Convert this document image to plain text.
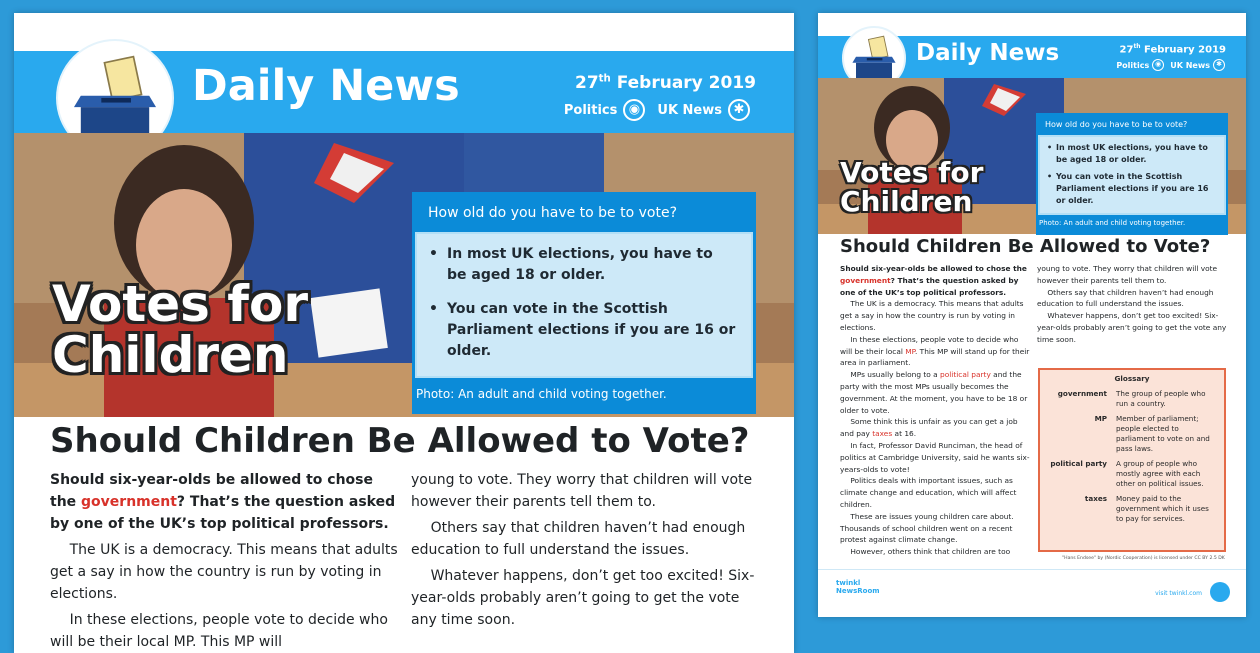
Daily News	27th February 2019
Politics ◉	UK News ✱
Votes for
Children
How old do you have to be to vote?
• In most UK elections, you have to be aged 18 or older.
• You can vote in the Scottish Parliament elections if you are 16 or older.
Photo: An adult and child voting together.
Should Children Be Allowed to Vote?

Should six-year-olds be allowed to chose the government? That’s the question asked by one of the UK’s top political professors.

The UK is a democracy. This means that adults get a say in how the country is run by voting in elections.

In these elections, people vote to decide who will be their local MP. This MP will

young to vote. They worry that children will vote however their parents tell them to.

Others say that children haven’t had enough education to full understand the issues.

Whatever happens, don’t get too excited! Six-year-olds probably aren’t going to get the vote any time soon.

Daily News	27th February 2019
Politics ◉	UK News ✱
Votes for
Children
How old do you have to be to vote?
• In most UK elections, you have to be aged 18 or older.
• You can vote in the Scottish Parliament elections if you are 16 or older.
Photo: An adult and child voting together.
Should Children Be Allowed to Vote?

Should six-year-olds be allowed to chose the government? That’s the question asked by one of the UK’s top political professors.

The UK is a democracy. This means that adults get a say in how the country is run by voting in elections.

In these elections, people vote to decide who will be their local MP. This MP will stand up for their area in parliament.

MPs usually belong to a political party and the party with the most MPs usually becomes the government. At the moment, you have to be 18 or older to vote.

Some think this is unfair as you can get a job and pay taxes at 16.

In fact, Professor David Runciman, the head of politics at Cambridge University, said he wants six-years-olds to vote!

Politics deals with important issues, such as climate change and education, which will affect children.

These are issues young children care about. Thousands of school children went on a recent protest against climate change.

However, others think that children are too

young to vote. They worry that children will vote however their parents tell them to.

Others say that children haven’t had enough education to full understand the issues.

Whatever happens, don’t get too excited! Six-year-olds probably aren’t going to get the vote any time soon.

Glossary
government	The group of people who run a country.
MP	Member of parliament; people elected to parliament to vote on and pass laws.
political party	A group of people who mostly agree with each other on political issues.
taxes	Money paid to the government which it uses to pay for services.
"Hans Endsee" by (Nordic Cooperation) is licensed under CC BY 2.5 DK
twinkl
NewsRoom	visit twinkl.com
